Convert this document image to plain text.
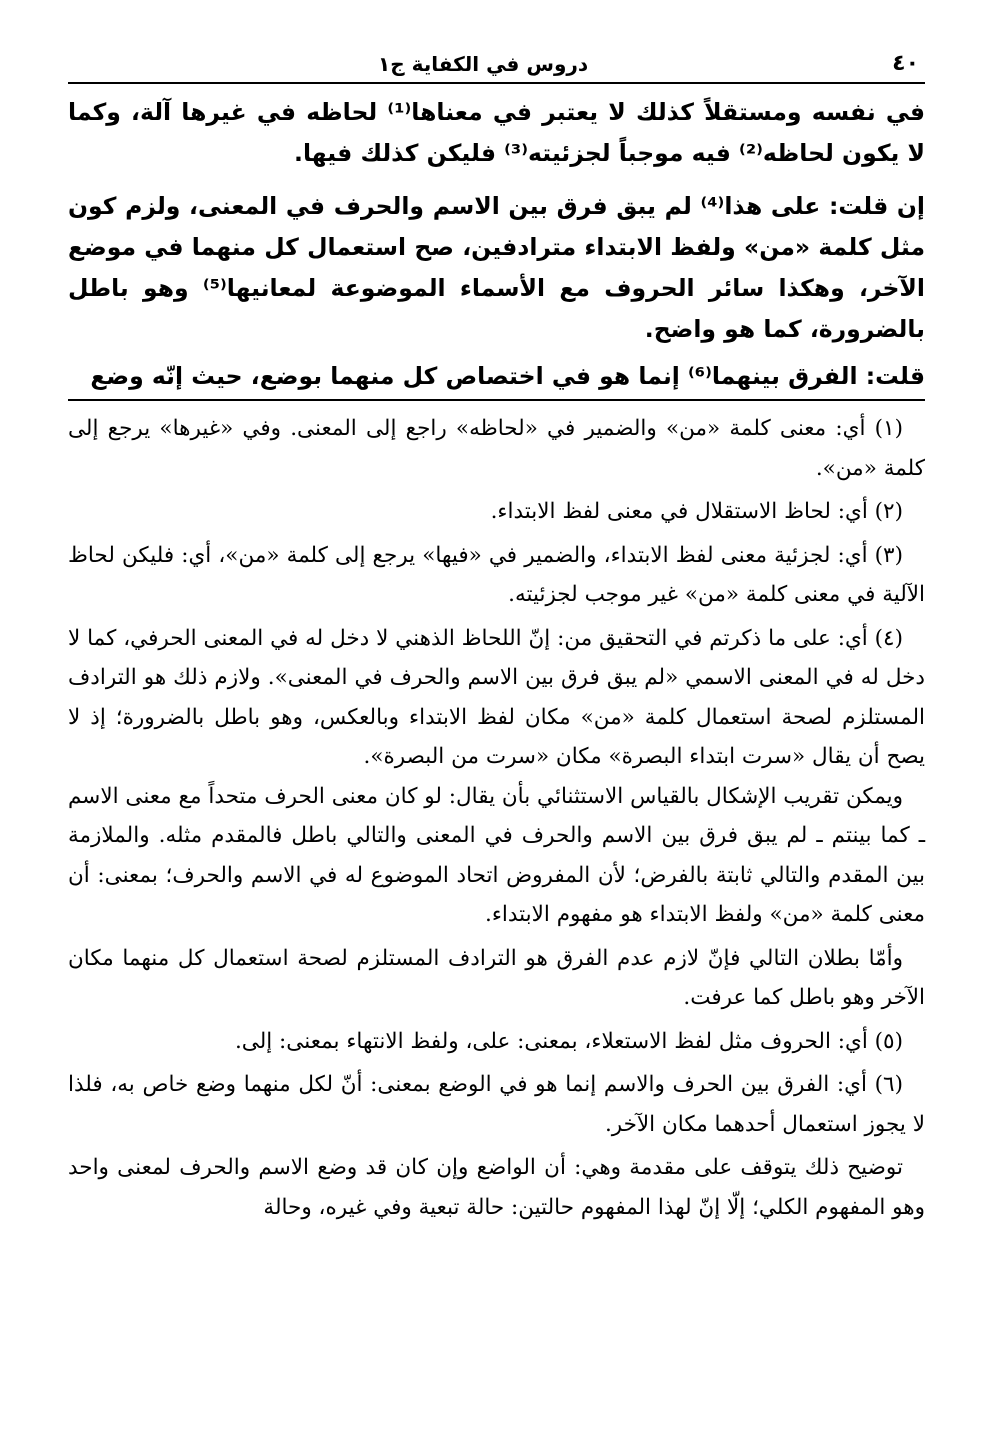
٤٠
دروس في الكفاية ج١

في نفسه ومستقلاً كذلك لا يعتبر في معناها⁽¹⁾ لحاظه في غيرها آلة، وكما لا يكون لحاظه⁽²⁾ فيه موجباً لجزئيته⁽³⁾ فليكن كذلك فيها.

إن قلت: على هذا⁽⁴⁾ لم يبق فرق بين الاسم والحرف في المعنى، ولزم كون مثل كلمة «من» ولفظ الابتداء مترادفين، صح استعمال كل منهما في موضع الآخر، وهكذا سائر الحروف مع الأسماء الموضوعة لمعانيها⁽⁵⁾ وهو باطل بالضرورة، كما هو واضح.

قلت: الفرق بينهما⁽⁶⁾ إنما هو في اختصاص كل منهما بوضع، حيث إنّه وضع

(١) أي: معنى كلمة «من» والضمير في «لحاظه» راجع إلى المعنى. وفي «غيرها» يرجع إلى كلمة «من».

(٢) أي: لحاظ الاستقلال في معنى لفظ الابتداء.

(٣) أي: لجزئية معنى لفظ الابتداء، والضمير في «فيها» يرجع إلى كلمة «من»، أي: فليكن لحاظ الآلية في معنى كلمة «من» غير موجب لجزئيته.

(٤) أي: على ما ذكرتم في التحقيق من: إنّ اللحاظ الذهني لا دخل له في المعنى الحرفي، كما لا دخل له في المعنى الاسمي «لم يبق فرق بين الاسم والحرف في المعنى». ولازم ذلك هو الترادف المستلزم لصحة استعمال كلمة «من» مكان لفظ الابتداء وبالعكس، وهو باطل بالضرورة؛ إذ لا يصح أن يقال «سرت ابتداء البصرة» مكان «سرت من البصرة».

ويمكن تقريب الإشكال بالقياس الاستثنائي بأن يقال: لو كان معنى الحرف متحداً مع معنى الاسم ـ كما بينتم ـ لم يبق فرق بين الاسم والحرف في المعنى والتالي باطل فالمقدم مثله. والملازمة بين المقدم والتالي ثابتة بالفرض؛ لأن المفروض اتحاد الموضوع له في الاسم والحرف؛ بمعنى: أن معنى كلمة «من» ولفظ الابتداء هو مفهوم الابتداء.

وأمّا بطلان التالي فإنّ لازم عدم الفرق هو الترادف المستلزم لصحة استعمال كل منهما مكان الآخر وهو باطل كما عرفت.

(٥) أي: الحروف مثل لفظ الاستعلاء، بمعنى: على، ولفظ الانتهاء بمعنى: إلى.

(٦) أي: الفرق بين الحرف والاسم إنما هو في الوضع بمعنى: أنّ لكل منهما وضع خاص به، فلذا لا يجوز استعمال أحدهما مكان الآخر.

توضيح ذلك يتوقف على مقدمة وهي: أن الواضع وإن كان قد وضع الاسم والحرف لمعنى واحد وهو المفهوم الكلي؛ إلّا إنّ لهذا المفهوم حالتين: حالة تبعية وفي غيره، وحالة
